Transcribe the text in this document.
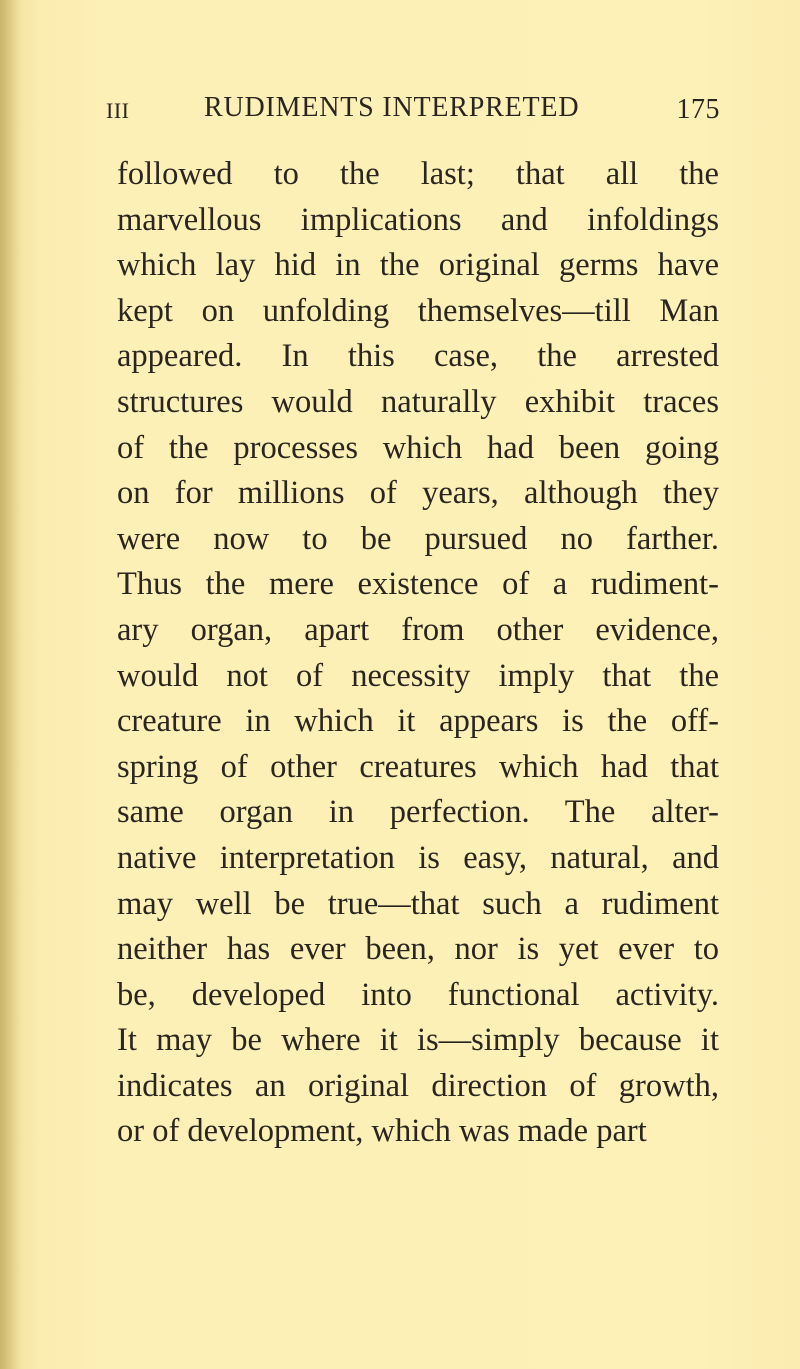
III	RUDIMENTS INTERPRETED	175
followed to the last; that all the
marvellous implications and infoldings
which lay hid in the original germs have
kept on unfolding themselves—till Man
appeared. In this case, the arrested
structures would naturally exhibit traces
of the processes which had been going
on for millions of years, although they
were now to be pursued no farther.
Thus the mere existence of a rudiment-
ary organ, apart from other evidence,
would not of necessity imply that the
creature in which it appears is the off-
spring of other creatures which had that
same organ in perfection. The alter-
native interpretation is easy, natural, and
may well be true—that such a rudiment
neither has ever been, nor is yet ever to
be, developed into functional activity.
It may be where it is—simply because it
indicates an original direction of growth,
or of development, which was made part
